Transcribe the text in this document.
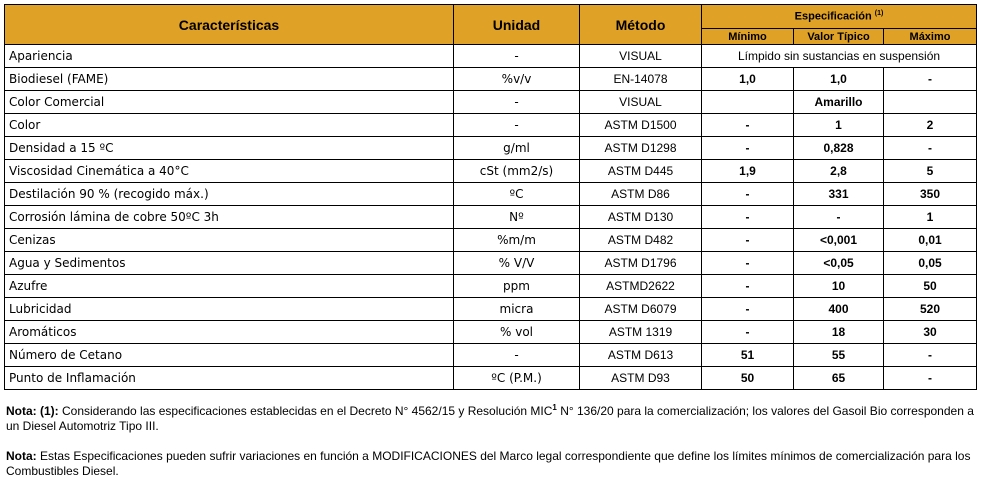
Características	Unidad	Método	Especificación $^{(1)}$
			Mínimo	Valor Típico	Máximo
Apariencia	-	VISUAL	Límpido sin sustancias en suspensión		
Biodiesel (FAME)	%v/v	EN-14078	1,0	1,0	-
Color Comercial	-	VISUAL		Amarillo	
Color	-	ASTM D1500	-	1	2
Densidad a 15 ºC	g/ml	ASTM D1298	-	0,828	-
Viscosidad Cinemática a 40°C	cSt (mm2/s)	ASTM D445	1,9	2,8	5
Destilación 90 % (recogido máx.)	ºC	ASTM D86	-	331	350
Corrosión lámina de cobre 50ºC 3h	Nº	ASTM D130	-	-	1
Cenizas	%m/m	ASTM D482	-	<0,001	0,01
Agua y Sedimentos	% V/V	ASTM D1796	-	<0,05	0,05
Azufre	ppm	ASTMD2622	-	10	50
Lubricidad	micra	ASTM D6079	-	400	520
Aromáticos	% vol	ASTM 1319	-	18	30
Número de Cetano	-	ASTM D613	51	55	-
Punto de Inflamación	ºC (P.M.)	ASTM D93	50	65	-

Nota: (1): Considerando las especificaciones establecidas en el Decreto N° 4562/15 y Resolución MIC$^1$ N° 136/20 para la comercialización; los valores del Gasoil Bio corresponden a un Diesel Automotriz Tipo III.

Nota: Estas Especificaciones pueden sufrir variaciones en función a MODIFICACIONES del Marco legal correspondiente que define los límites mínimos de comercialización para los Combustibles Diesel.
